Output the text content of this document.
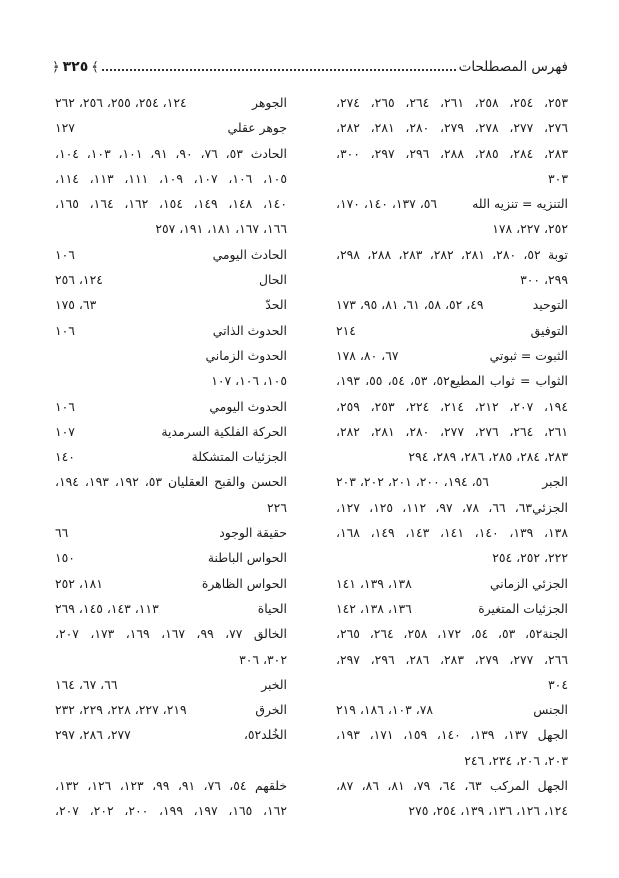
فهرس المصطلحات
﴾
٣٢٥
﴿
٢٥٣، ٢٥٤، ٢٥٨، ٢٦١، ٢٦٤، ٢٦٥، ٢٧٤،
٢٧٦، ٢٧٧، ٢٧٨، ٢٧٩، ٢٨٠، ٢٨١، ٢٨٢،
٢٨٣، ٢٨٤، ٢٨٥، ٢٨٨، ٢٩٦، ٢٩٧، ٣٠٠،
٣٠٣
التنزيه = تنزيه الله
٥٦، ١٣٧، ١٤٠، ١٧٠،
٢٥٢، ٢٢٧، ١٧٨
توبة ٥٢، ٢٨٠، ٢٨١، ٢٨٢، ٢٨٣، ٢٨٨، ٢٩٨،
٢٩٩، ٣٠٠
التوحيد
٤٩، ٥٢، ٥٨، ٦١، ٨١، ٩٥، ١٧٣
التوفيق
٢١٤
الثبوت = ثبوتي
٦٧، ٨٠، ١٧٨
الثواب = ثواب المطيع٥٢، ٥٣، ٥٤، ٥٥، ١٩٣،
١٩٤، ٢٠٧، ٢١٢، ٢١٤، ٢٢٤، ٢٥٣، ٢٥٩،
٢٦١، ٢٦٤، ٢٧٦، ٢٧٧، ٢٨٠، ٢٨١، ٢٨٢،
٢٨٣، ٢٨٤، ٢٨٥، ٢٨٦، ٢٨٩، ٢٩٤
الجبر
٥٦، ١٩٤، ٢٠٠، ٢٠١، ٢٠٢، ٢٠٣
الجزئي٦٣، ٦٦، ٧٨، ٩٧، ١١٢، ١٢٥، ١٢٧،
١٣٨، ١٣٩، ١٤٠، ١٤١، ١٤٣، ١٤٩، ١٦٨،
٢٢٢، ٢٥٢، ٢٥٤
الجزئي الزماني
١٣٨، ١٣٩، ١٤١
الجزئيات المتغيرة
١٣٦، ١٣٨، ١٤٢
الجنة٥٢، ٥٣، ٥٤، ١٧٢، ٢٥٨، ٢٦٤، ٢٦٥،
٢٦٦، ٢٧٧، ٢٧٩، ٢٨٣، ٢٨٦، ٢٩٦، ٢٩٧،
٣٠٤
الجنس
٧٨، ١٠٣، ١٨٦، ٢١٩
الجهل ١٣٧، ١٣٩، ١٤٠، ١٥٩، ١٧١، ١٩٣،
٢٠٣، ٢٠٦، ٢٣٤، ٢٤٦
الجهل المركب ٦٣، ٦٤، ٧٩، ٨١، ٨٦، ٨٧،
١٢٤، ١٢٦، ١٣٦، ١٣٩، ٢٥٤، ٢٧٥
الجوهر
١٢٤، ٢٥٤، ٢٥٥، ٢٥٦، ٢٦٢
جوهر عقلي
١٢٧
الحادث ٥٣، ٧٦، ٩٠، ٩١، ١٠١، ١٠٣، ١٠٤،
١٠٥، ١٠٦، ١٠٧، ١٠٩، ١١١، ١١٣، ١١٤،
١٤٠، ١٤٨، ١٤٩، ١٥٤، ١٦٢، ١٦٤، ١٦٥،
١٦٦، ١٦٧، ١٨١، ١٩١، ٢٥٧
الحادث اليومي
١٠٦
الحال
١٢٤، ٢٥٦
الحدّ
٦٣، ١٧٥
الحدوث الذاتي
١٠٦
الحدوث الزماني
١٠٥، ١٠٦، ١٠٧
الحدوث اليومي
١٠٦
الحركة الفلكية السرمدية
١٠٧
الجزئيات المتشكلة
١٤٠
الحسن والقبح العقليان ٥٣، ١٩٢، ١٩٣، ١٩٤،
٢٢٦
حقيقة الوجود
٦٦
الحواس الباطنة
١٥٠
الحواس الظاهرة
١٨١، ٢٥٢
الحياة
١١٣، ١٤٣، ١٤٥، ٢٦٩
الخالق ٧٧، ٩٩، ١٦٧، ١٦٩، ١٧٣، ٢٠٧،
٣٠٢، ٣٠٦
الخبر
٦٦، ٦٧، ١٦٤
الخرق
٢١٩، ٢٢٧، ٢٢٨، ٢٢٩، ٢٣٢
الخُلد٥٢،
٢٧٧، ٢٨٦، ٢٩٧
خلقهم ٥٤، ٧٦، ٩١، ٩٩، ١٢٣، ١٢٦، ١٣٢،
١٦٢، ١٦٥، ١٩٧، ١٩٩، ٢٠٠، ٢٠٢، ٢٠٧،
